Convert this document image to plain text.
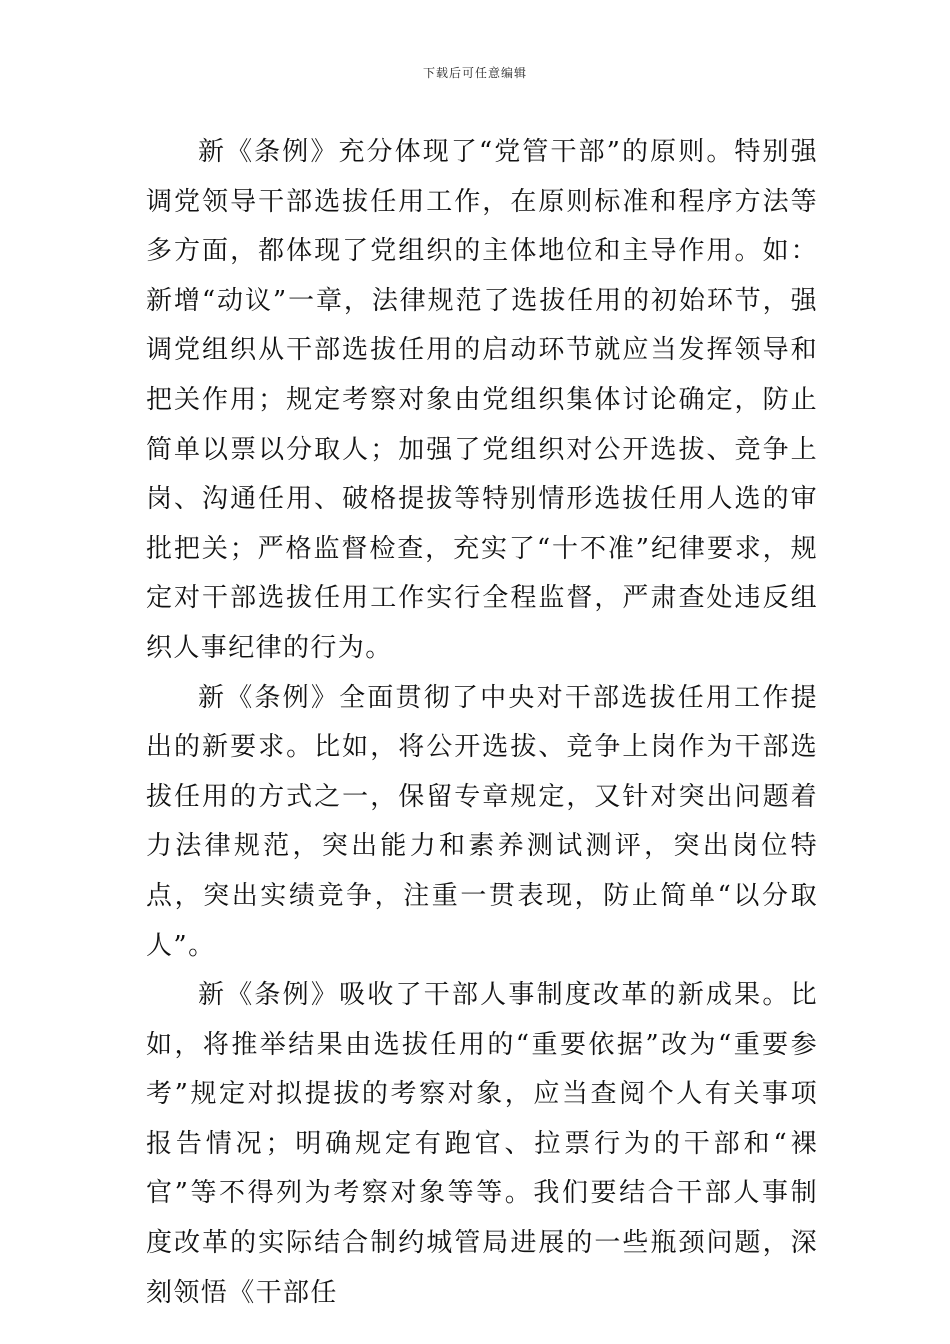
下载后可任意编辑

新《条例》充分体现了“党管干部”的原则。特别强调党领导干部选拔任用工作，在原则标准和程序方法等多方面，都体现了党组织的主体地位和主导作用。如：新增“动议”一章，法律规范了选拔任用的初始环节，强调党组织从干部选拔任用的启动环节就应当发挥领导和把关作用；规定考察对象由党组织集体讨论确定，防止简单以票以分取人；加强了党组织对公开选拔、竞争上岗、沟通任用、破格提拔等特别情形选拔任用人选的审批把关；严格监督检查，充实了“十不准”纪律要求，规定对干部选拔任用工作实行全程监督，严肃查处违反组织人事纪律的行为。

新《条例》全面贯彻了中央对干部选拔任用工作提出的新要求。比如，将公开选拔、竞争上岗作为干部选拔任用的方式之一，保留专章规定，又针对突出问题着力法律规范，突出能力和素养测试测评，突出岗位特点，突出实绩竞争，注重一贯表现，防止简单“以分取人”。

新《条例》吸收了干部人事制度改革的新成果。比如，将推举结果由选拔任用的“重要依据”改为“重要参考”规定对拟提拔的考察对象，应当查阅个人有关事项报告情况；明确规定有跑官、拉票行为的干部和“裸官”等不得列为考察对象等等。我们要结合干部人事制度改革的实际结合制约城管局进展的一些瓶颈问题，深刻领悟《干部任
